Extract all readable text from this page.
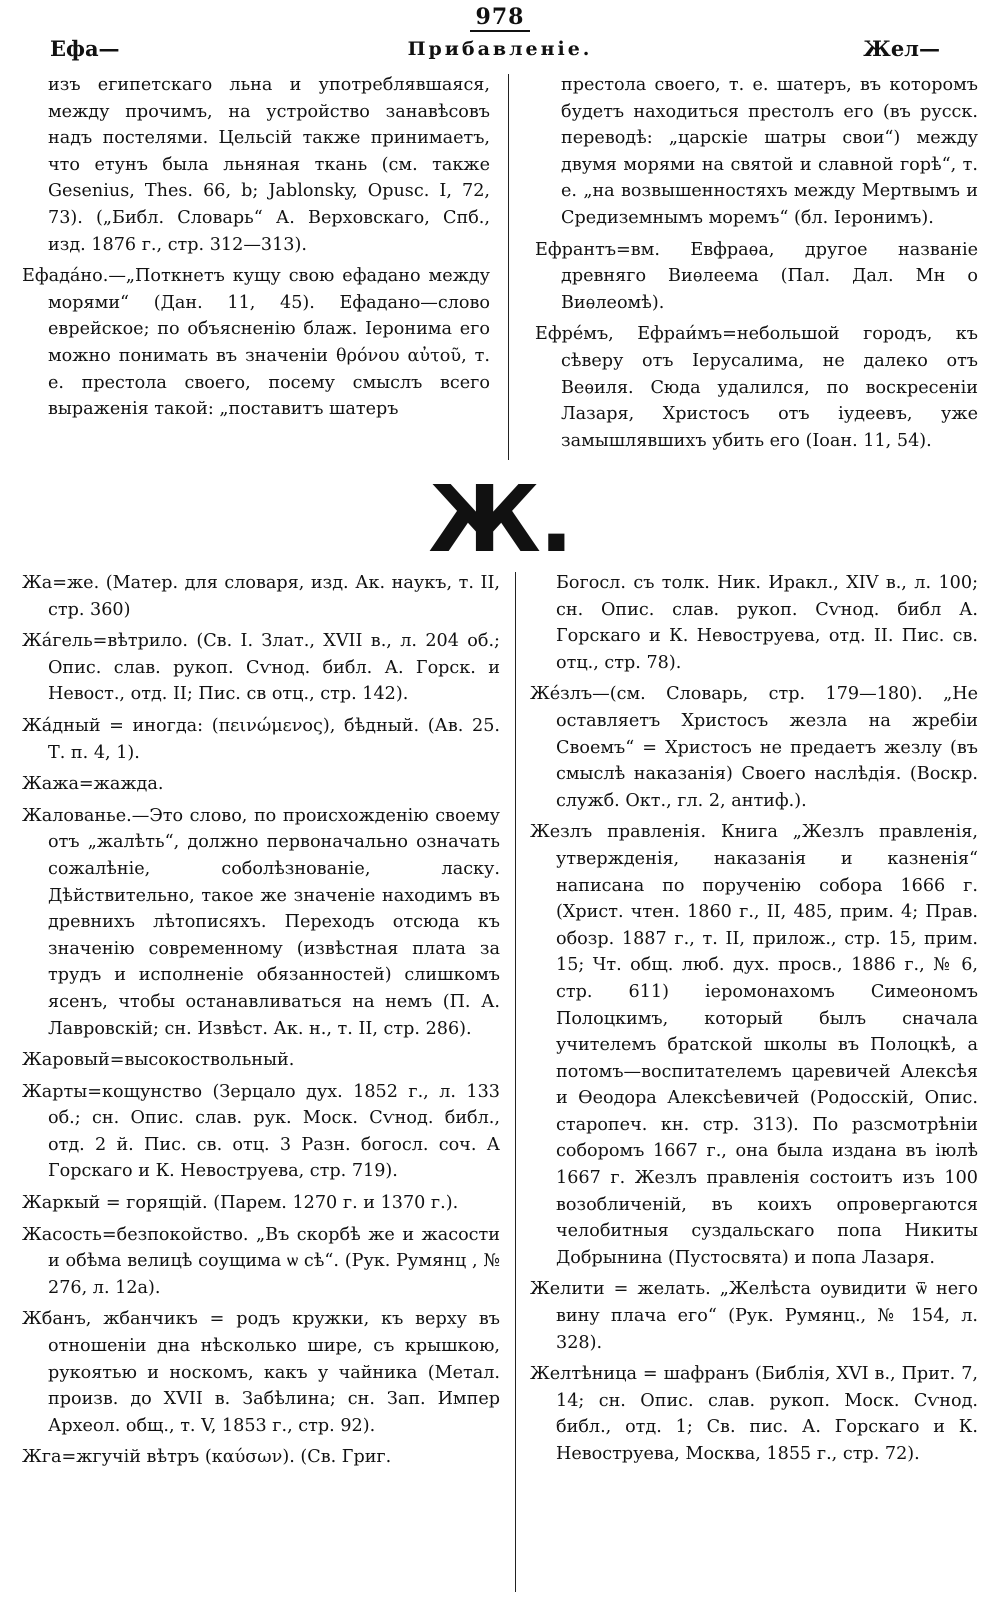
978
Ефа—	Прибавленіе.	Жел—
изъ египетскаго льна и употреблявшаяся, между прочимъ, на устройство занавѣсовъ надъ постелями. Цельсій также принимаетъ, что етунъ была льняная ткань (см. также Gesenius, Thes. 66, b; Jablonsky, Opusc. I, 72, 73). („Библ. Словарь“ А. Верховскаго, Спб., изд. 1876 г., стр. 312—313).
Ефада́но.—„Поткнетъ кущу свою ефадано между морями“ (Дан. 11, 45). Ефадано—слово еврейское; по объясненію блаж. Іеронима его можно понимать въ значеніи θρόνου αὐτοῦ, т. е. престола своего, посему смыслъ всего выраженія такой: „поставитъ шатеръ
престола своего, т. е. шатеръ, въ которомъ будетъ находиться престолъ его (въ русск. переводѣ: „царскіе шатры свои“) между двумя морями на святой и славной горѣ“, т. е. „на возвышенностяхъ между Мертвымъ и Средиземнымъ моремъ“ (бл. Іеронимъ).
Ефрантъ=вм. Евфраѳа, другое названіе древняго Виѳлеема (Пал. Дал. Мн о Виѳлеомѣ).
Ефре́мъ, Ефраи́мъ=небольшой городъ, къ сѣверу отъ Іерусалима, не далеко отъ Веѳиля. Сюда удалился, по воскресеніи Лазаря, Христосъ отъ іудеевъ, уже замышлявшихъ убить его (Іоан. 11, 54).
Ж.
Жа=же. (Матер. для словаря, изд. Ак. наукъ, т. II, стр. 360)
Жа́гель=вѣтрило. (Св. I. Злат., XVII в., л. 204 об.; Опис. слав. рукоп. Сѵнод. библ. А. Горск. и Невост., отд. II; Пис. св отц., стр. 142).
Жа́дный = иногда: (πεινώμενος), бѣдный. (Ав. 25. Т. п. 4, 1).
Жажа=жажда.
Жалованье.—Это слово, по происхожденію своему отъ „жалѣть“, должно первоначально означать сожалѣніе, соболѣзнованіе, ласку. Дѣйствительно, такое же значеніе находимъ въ древнихъ лѣтописяхъ. Переходъ отсюда къ значенію современному (извѣстная плата за трудъ и исполненіе обязанностей) слишкомъ ясенъ, чтобы останавливаться на немъ (П. А. Лавровскій; сн. Извѣст. Ак. н., т. II, стр. 286).
Жаровый=высокоствольный.
Жарты=кощунство (Зерцало дух. 1852 г., л. 133 об.; сн. Опис. слав. рук. Моск. Сѵнод. библ., отд. 2 й. Пис. св. отц. 3 Разн. богосл. соч. А Горскаго и К. Невоструева, стр. 719).
Жаркый = горящій. (Парем. 1270 г. и 1370 г.).
Жасость=безпокойство. „Въ скорбѣ же и жасости и обѣма велицѣ соущима ѡ сѣ“. (Рук. Румянц , № 276, л. 12а).
Жбанъ, жбанчикъ = родъ кружки, къ верху въ отношеніи дна нѣсколько шире, съ крышкою, рукоятью и носкомъ, какъ у чайника (Метал. произв. до XVII в. Забѣлина; сн. Зап. Импер Археол. общ., т. V, 1853 г., стр. 92).
Жга=жгучій вѣтръ (καύσων). (Св. Григ.
Богосл. съ толк. Ник. Иракл., XIV в., л. 100; сн. Опис. слав. рукоп. Сѵнод. библ А. Горскаго и К. Невоструева, отд. II. Пис. св. отц., стр. 78).
Же́злъ—(см. Словарь, стр. 179—180). „Не оставляетъ Христосъ жезла на жребіи Своемъ“ = Христосъ не предаетъ жезлу (въ смыслѣ наказанія) Своего наслѣдія. (Воскр. служб. Окт., гл. 2, антиф.).
Жезлъ правленія. Книга „Жезлъ правленія, утвержденія, наказанія и казненія“ написана по порученію собора 1666 г. (Христ. чтен. 1860 г., II, 485, прим. 4; Прав. обозр. 1887 г., т. II, прилож., стр. 15, прим. 15; Чт. общ. люб. дух. просв., 1886 г., № 6, стр. 611) іеромонахомъ Симеономъ Полоцкимъ, который былъ сначала учителемъ братской школы въ Полоцкѣ, а потомъ—воспитателемъ царевичей Алексѣя и Ѳеодора Алексѣевичей (Родосскій, Опис. старопеч. кн. стр. 313). По разсмотрѣніи соборомъ 1667 г., она была издана въ іюлѣ 1667 г. Жезлъ правленія состоитъ изъ 100 возобличеній, въ коихъ опровергаются челобитныя суздальскаго попа Никиты Добрынина (Пустосвята) и попа Лазаря.
Желити = желать. „Желѣста оувидити ѿ него вину плача его“ (Рук. Румянц., № 154, л. 328).
Желтѣница = шафранъ (Библія, XVI в., Прит. 7, 14; сн. Опис. слав. рукоп. Моск. Сѵнод. библ., отд. 1; Св. пис. А. Горскаго и К. Невоструева, Москва, 1855 г., стр. 72).
